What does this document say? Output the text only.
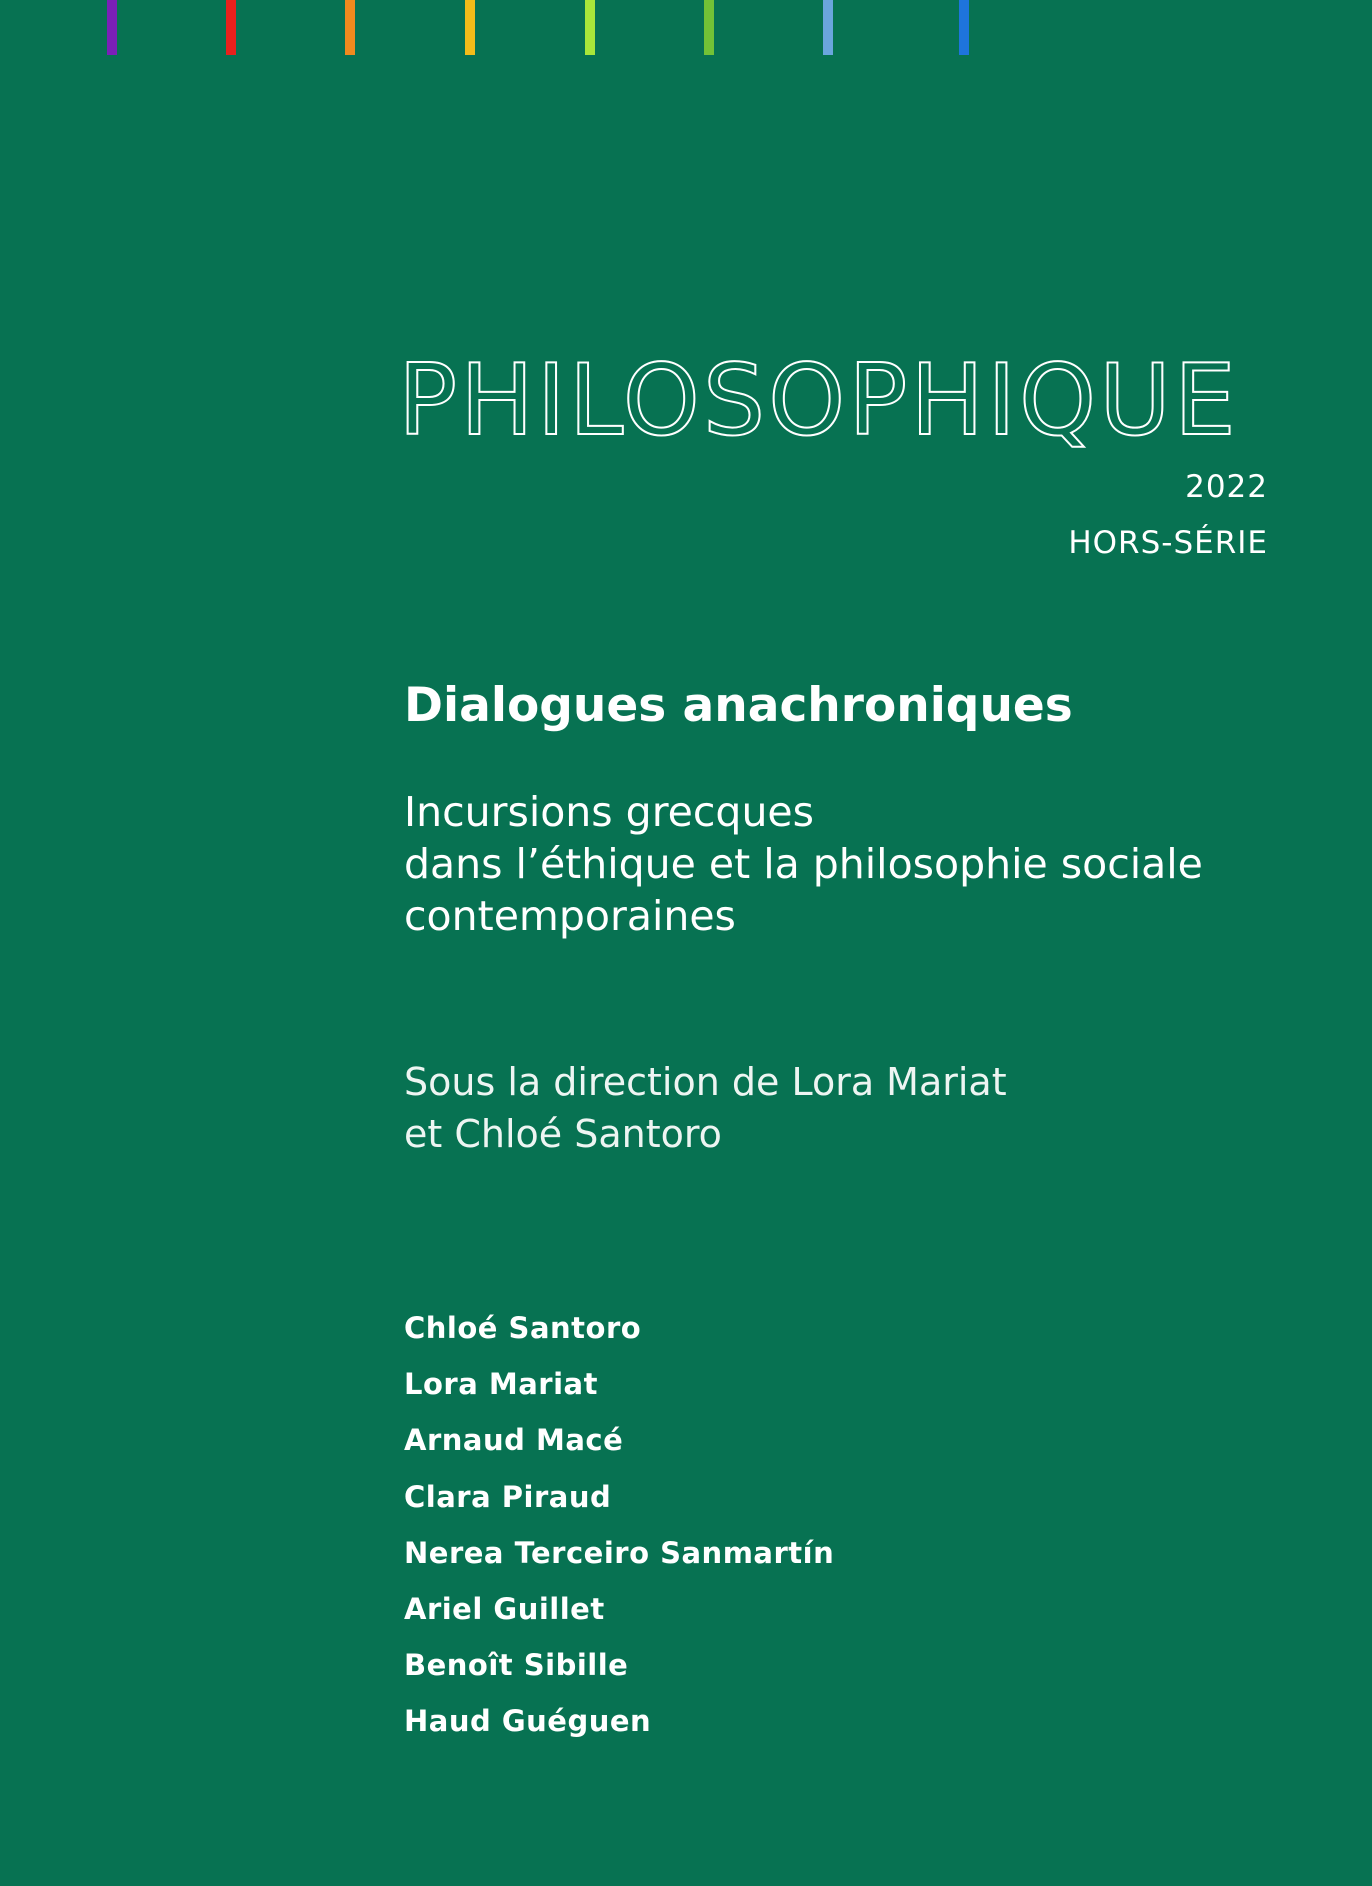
PHILOSOPHIQUE
2022
HORS-SÉRIE
Dialogues anachroniques
Incursions grecques
dans l’éthique et la philosophie sociale
contemporaines
Sous la direction de Lora Mariat
et Chloé Santoro
Chloé Santoro
Lora Mariat
Arnaud Macé
Clara Piraud
Nerea Terceiro Sanmartín
Ariel Guillet
Benoît Sibille
Haud Guéguen
